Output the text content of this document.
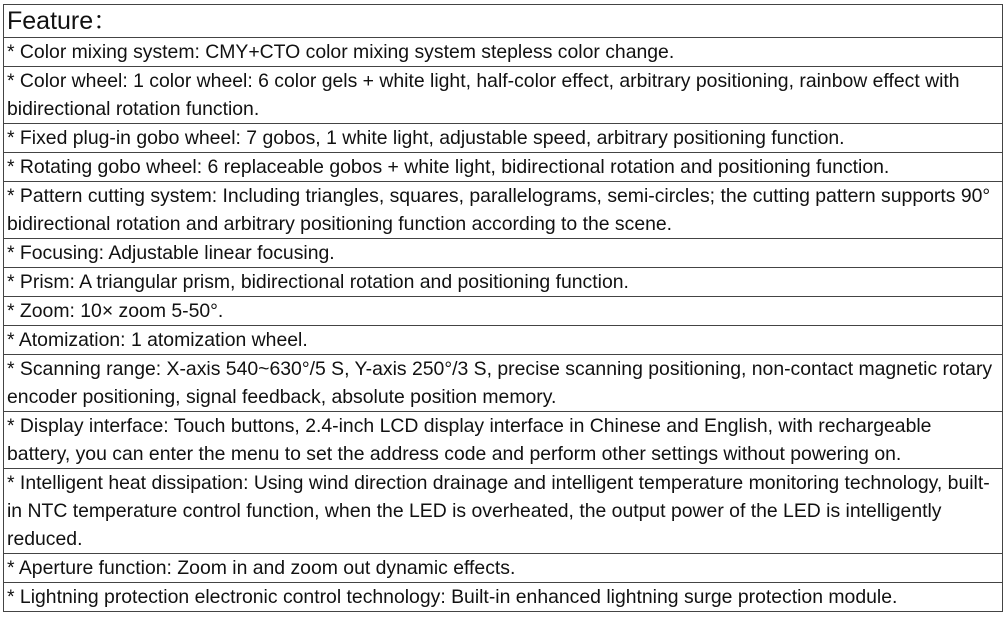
Feature：
* Color mixing system: CMY+CTO color mixing system stepless color change.
* Color wheel: 1 color wheel: 6 color gels + white light, half-color effect, arbitrary positioning, rainbow effect with bidirectional rotation function.
* Fixed plug-in gobo wheel: 7 gobos, 1 white light, adjustable speed, arbitrary positioning function.
* Rotating gobo wheel: 6 replaceable gobos + white light, bidirectional rotation and positioning function.
* Pattern cutting system: Including triangles, squares, parallelograms, semi-circles; the cutting pattern supports 90° bidirectional rotation and arbitrary positioning function according to the scene.
* Focusing: Adjustable linear focusing.
* Prism: A triangular prism, bidirectional rotation and positioning function.
* Zoom: 10× zoom 5-50°.
* Atomization: 1 atomization wheel.
* Scanning range: X-axis 540~630°/5 S, Y-axis 250°/3 S, precise scanning positioning, non-contact magnetic rotary encoder positioning, signal feedback, absolute position memory.
* Display interface: Touch buttons, 2.4-inch LCD display interface in Chinese and English, with rechargeable battery, you can enter the menu to set the address code and perform other settings without powering on.
* Intelligent heat dissipation: Using wind direction drainage and intelligent temperature monitoring technology, built-in NTC temperature control function, when the LED is overheated, the output power of the LED is intelligently reduced.
* Aperture function: Zoom in and zoom out dynamic effects.
* Lightning protection electronic control technology: Built-in enhanced lightning surge protection module.
